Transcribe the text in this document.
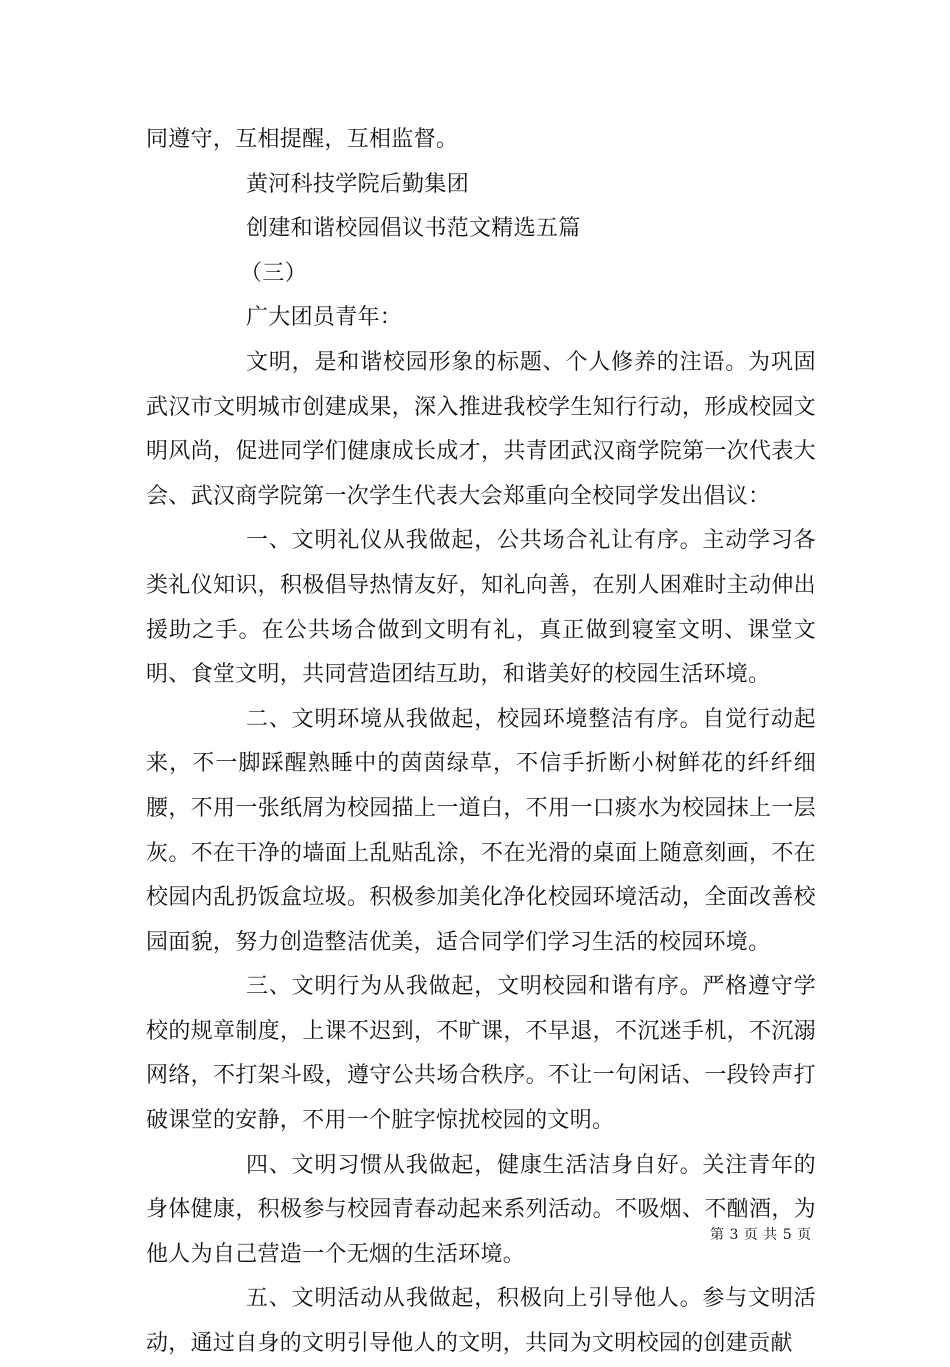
同遵守，互相提醒，互相监督。

黄河科技学院后勤集团

创建和谐校园倡议书范文精选五篇

（三）

广大团员青年：

文明，是和谐校园形象的标题、个人修养的注语。为巩固武汉市文明城市创建成果，深入推进我校学生知行行动，形成校园文明风尚，促进同学们健康成长成才，共青团武汉商学院第一次代表大会、武汉商学院第一次学生代表大会郑重向全校同学发出倡议：

一、文明礼仪从我做起，公共场合礼让有序。主动学习各类礼仪知识，积极倡导热情友好，知礼向善，在别人困难时主动伸出援助之手。在公共场合做到文明有礼，真正做到寝室文明、课堂文明、食堂文明，共同营造团结互助，和谐美好的校园生活环境。

二、文明环境从我做起，校园环境整洁有序。自觉行动起来，不一脚踩醒熟睡中的茵茵绿草，不信手折断小树鲜花的纤纤细腰，不用一张纸屑为校园描上一道白，不用一口痰水为校园抹上一层灰。不在干净的墙面上乱贴乱涂，不在光滑的桌面上随意刻画，不在校园内乱扔饭盒垃圾。积极参加美化净化校园环境活动，全面改善校园面貌，努力创造整洁优美，适合同学们学习生活的校园环境。

三、文明行为从我做起，文明校园和谐有序。严格遵守学校的规章制度，上课不迟到，不旷课，不早退，不沉迷手机，不沉溺网络，不打架斗殴，遵守公共场合秩序。不让一句闲话、一段铃声打破课堂的安静，不用一个脏字惊扰校园的文明。

四、文明习惯从我做起，健康生活洁身自好。关注青年的身体健康，积极参与校园青春动起来系列活动。不吸烟、不酗酒，为他人为自己营造一个无烟的生活环境。

五、文明活动从我做起，积极向上引导他人。参与文明活动，通过自身的文明引导他人的文明，共同为文明校园的创建贡献

第 3 页 共 5 页
